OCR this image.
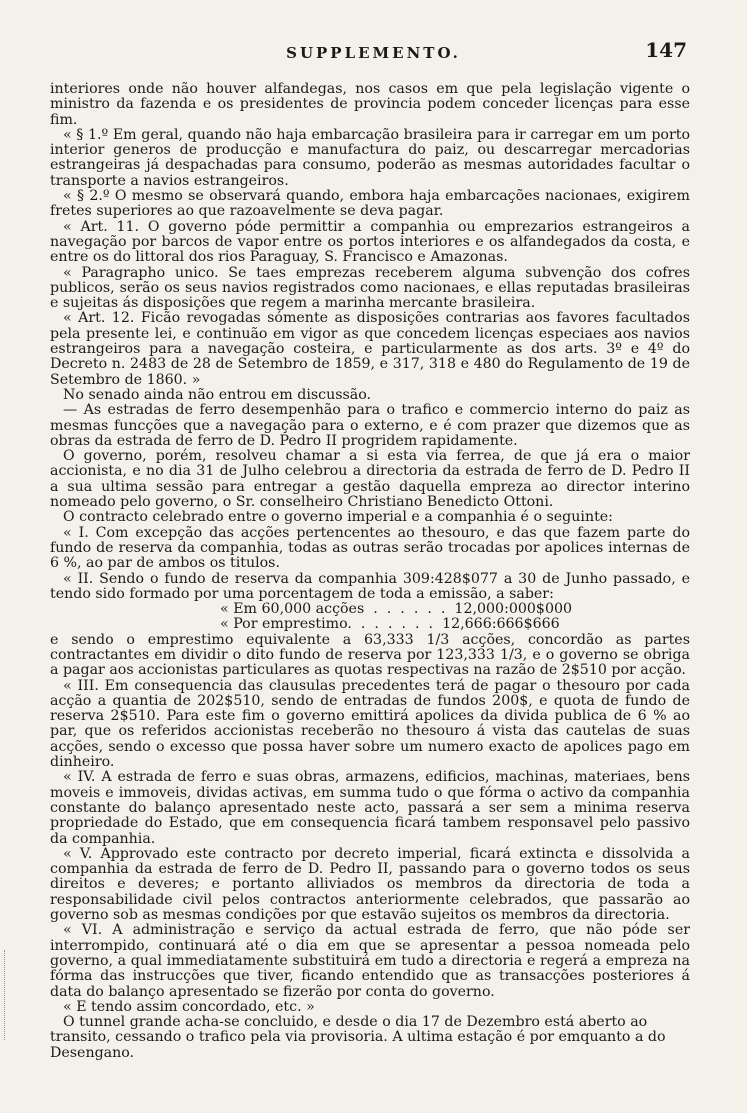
SUPPLEMENTO.	147

interiores onde não houver alfandegas, nos casos em que pela legislação vigente o ministro da fazenda e os presidentes de provincia podem conceder licenças para esse fim.

« § 1.º Em geral, quando não haja embarcação brasileira para ir carregar em um porto interior generos de producção e manufactura do paiz, ou descarregar mercadorias estrangeiras já despachadas para consumo, poderão as mesmas autoridades facultar o transporte a navios estrangeiros.

« § 2.º O mesmo se observará quando, embora haja embarcações nacionaes, exigirem fretes superiores ao que razoavelmente se deva pagar.

« Art. 11. O governo póde permittir a companhia ou emprezarios estrangeiros a navegação por barcos de vapor entre os portos interiores e os alfandegados da costa, e entre os do littoral dos rios Paraguay, S. Francisco e Amazonas.

« Paragrapho unico. Se taes emprezas receberem alguma subvenção dos cofres publicos, serão os seus navios registrados como nacionaes, e ellas reputadas brasileiras e sujeitas ás disposições que regem a marinha mercante brasileira.

« Art. 12. Ficão revogadas sómente as disposições contrarias aos favores facultados pela presente lei, e continuão em vigor as que concedem licenças especiaes aos navios estrangeiros para a navegação costeira, e particularmente as dos arts. 3º e 4º do Decreto n. 2483 de 28 de Setembro de 1859, e 317, 318 e 480 do Regulamento de 19 de Setembro de 1860. »

No senado ainda não entrou em discussão.

— As estradas de ferro desempenhão para o trafico e commercio interno do paiz as mesmas funcções que a navegação para o externo, e é com prazer que dizemos que as obras da estrada de ferro de D. Pedro II progridem rapidamente.

O governo, porém, resolveu chamar a si esta via ferrea, de que já era o maior accionista, e no dia 31 de Julho celebrou a directoria da estrada de ferro de D. Pedro II a sua ultima sessão para entregar a gestão daquella empreza ao director interino nomeado pelo governo, o Sr. conselheiro Christiano Benedicto Ottoni.

O contracto celebrado entre o governo imperial e a companhia é o seguinte:

« I. Com excepção das acções pertencentes ao thesouro, e das que fazem parte do fundo de reserva da companhia, todas as outras serão trocadas por apolices internas de 6 %, ao par de ambos os titulos.

« II. Sendo o fundo de reserva da companhia 309:428$077 a 30 de Junho passado, e tendo sido formado por uma porcentagem de toda a emissão, a saber:

« Em 60,000 acções  .  .  .  .  .  .  12,000:000$000

« Por emprestimo.  .  .  .  .  .  .  12,666:666$666

e sendo o emprestimo equivalente a 63,333 1/3 acções, concordão as partes contractantes em dividir o dito fundo de reserva por 123,333 1/3, e o governo se obriga a pagar aos accionistas particulares as quotas respectivas na razão de 2$510 por acção.

« III. Em consequencia das clausulas precedentes terá de pagar o thesouro por cada acção a quantia de 202$510, sendo de entradas de fundos 200$, e quota de fundo de reserva 2$510. Para este fim o governo emittirá apolices da divida publica de 6 % ao par, que os referidos accionistas receberão no thesouro á vista das cautelas de suas acções, sendo o excesso que possa haver sobre um numero exacto de apolices pago em dinheiro.

« IV. A estrada de ferro e suas obras, armazens, edificios, machinas, materiaes, bens moveis e immoveis, dividas activas, em summa tudo o que fórma o activo da companhia constante do balanço apresentado neste acto, passará a ser sem a minima reserva propriedade do Estado, que em consequencia ficará tambem responsavel pelo passivo da companhia.

« V. Approvado este contracto por decreto imperial, ficará extincta e dissolvida a companhia da estrada de ferro de D. Pedro II, passando para o governo todos os seus direitos e deveres; e portanto alliviados os membros da directoria de toda a responsabilidade civil pelos contractos anteriormente celebrados, que passarão ao governo sob as mesmas condições por que estavão sujeitos os membros da directoria.

« VI. A administração e serviço da actual estrada de ferro, que não póde ser interrompido, continuará até o dia em que se apresentar a pessoa nomeada pelo governo, a qual immediatamente substituirá em tudo a directoria e regerá a empreza na fórma das instrucções que tiver, ficando entendido que as transacções posteriores á data do balanço apresentado se fizerão por conta do governo.

« E tendo assim concordado, etc. »

O tunnel grande acha-se concluido, e desde o dia 17 de Dezembro está aberto ao transito, cessando o trafico pela via provisoria. A ultima estação é por emquanto a do Desengano.
